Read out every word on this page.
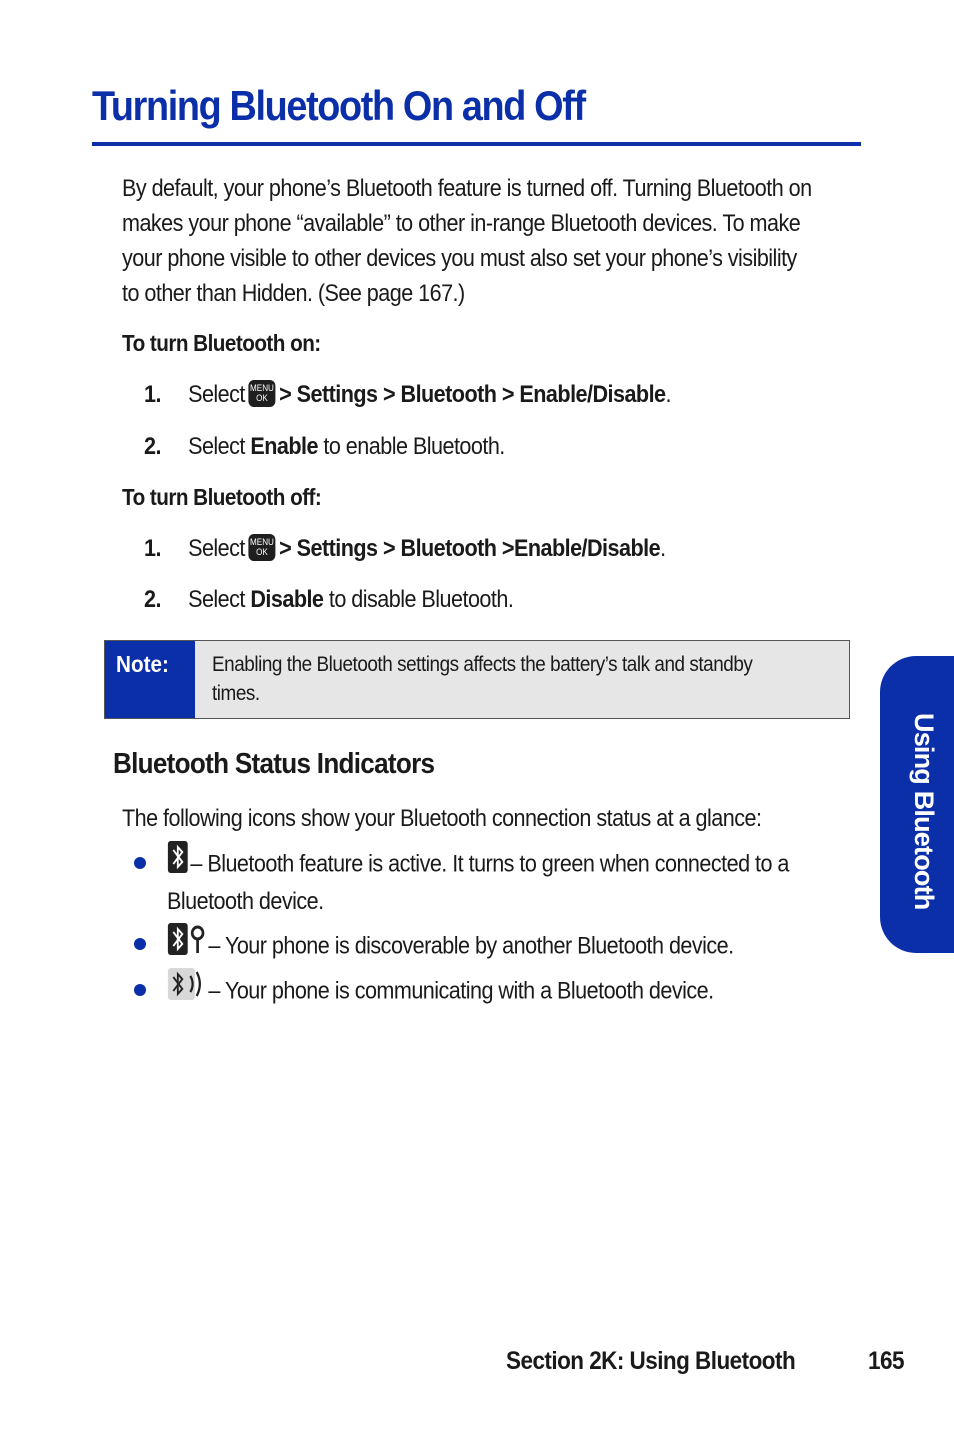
Turning Bluetooth On and Off
By default, your phone’s Bluetooth feature is turned off. Turning Bluetooth on
makes your phone “available” to other in-range Bluetooth devices. To make
your phone visible to other devices you must also set your phone’s visibility
to other than Hidden. (See page 167.)
To turn Bluetooth on:
1. Select MENU
OK > Settings > Bluetooth > Enable/Disable.
2. Select Enable to enable Bluetooth.
To turn Bluetooth off:
1. Select MENU
OK > Settings > Bluetooth >Enable/Disable.
2. Select Disable to disable Bluetooth.
Note:	Enabling the Bluetooth settings affects the battery’s talk and standby
times.
Bluetooth Status Indicators
The following icons show your Bluetooth connection status at a glance:
– Bluetooth feature is active. It turns to green when connected to a
Bluetooth device.
– Your phone is discoverable by another Bluetooth device.
– Your phone is communicating with a Bluetooth device.
Using Bluetooth
Section 2K: Using Bluetooth	165
